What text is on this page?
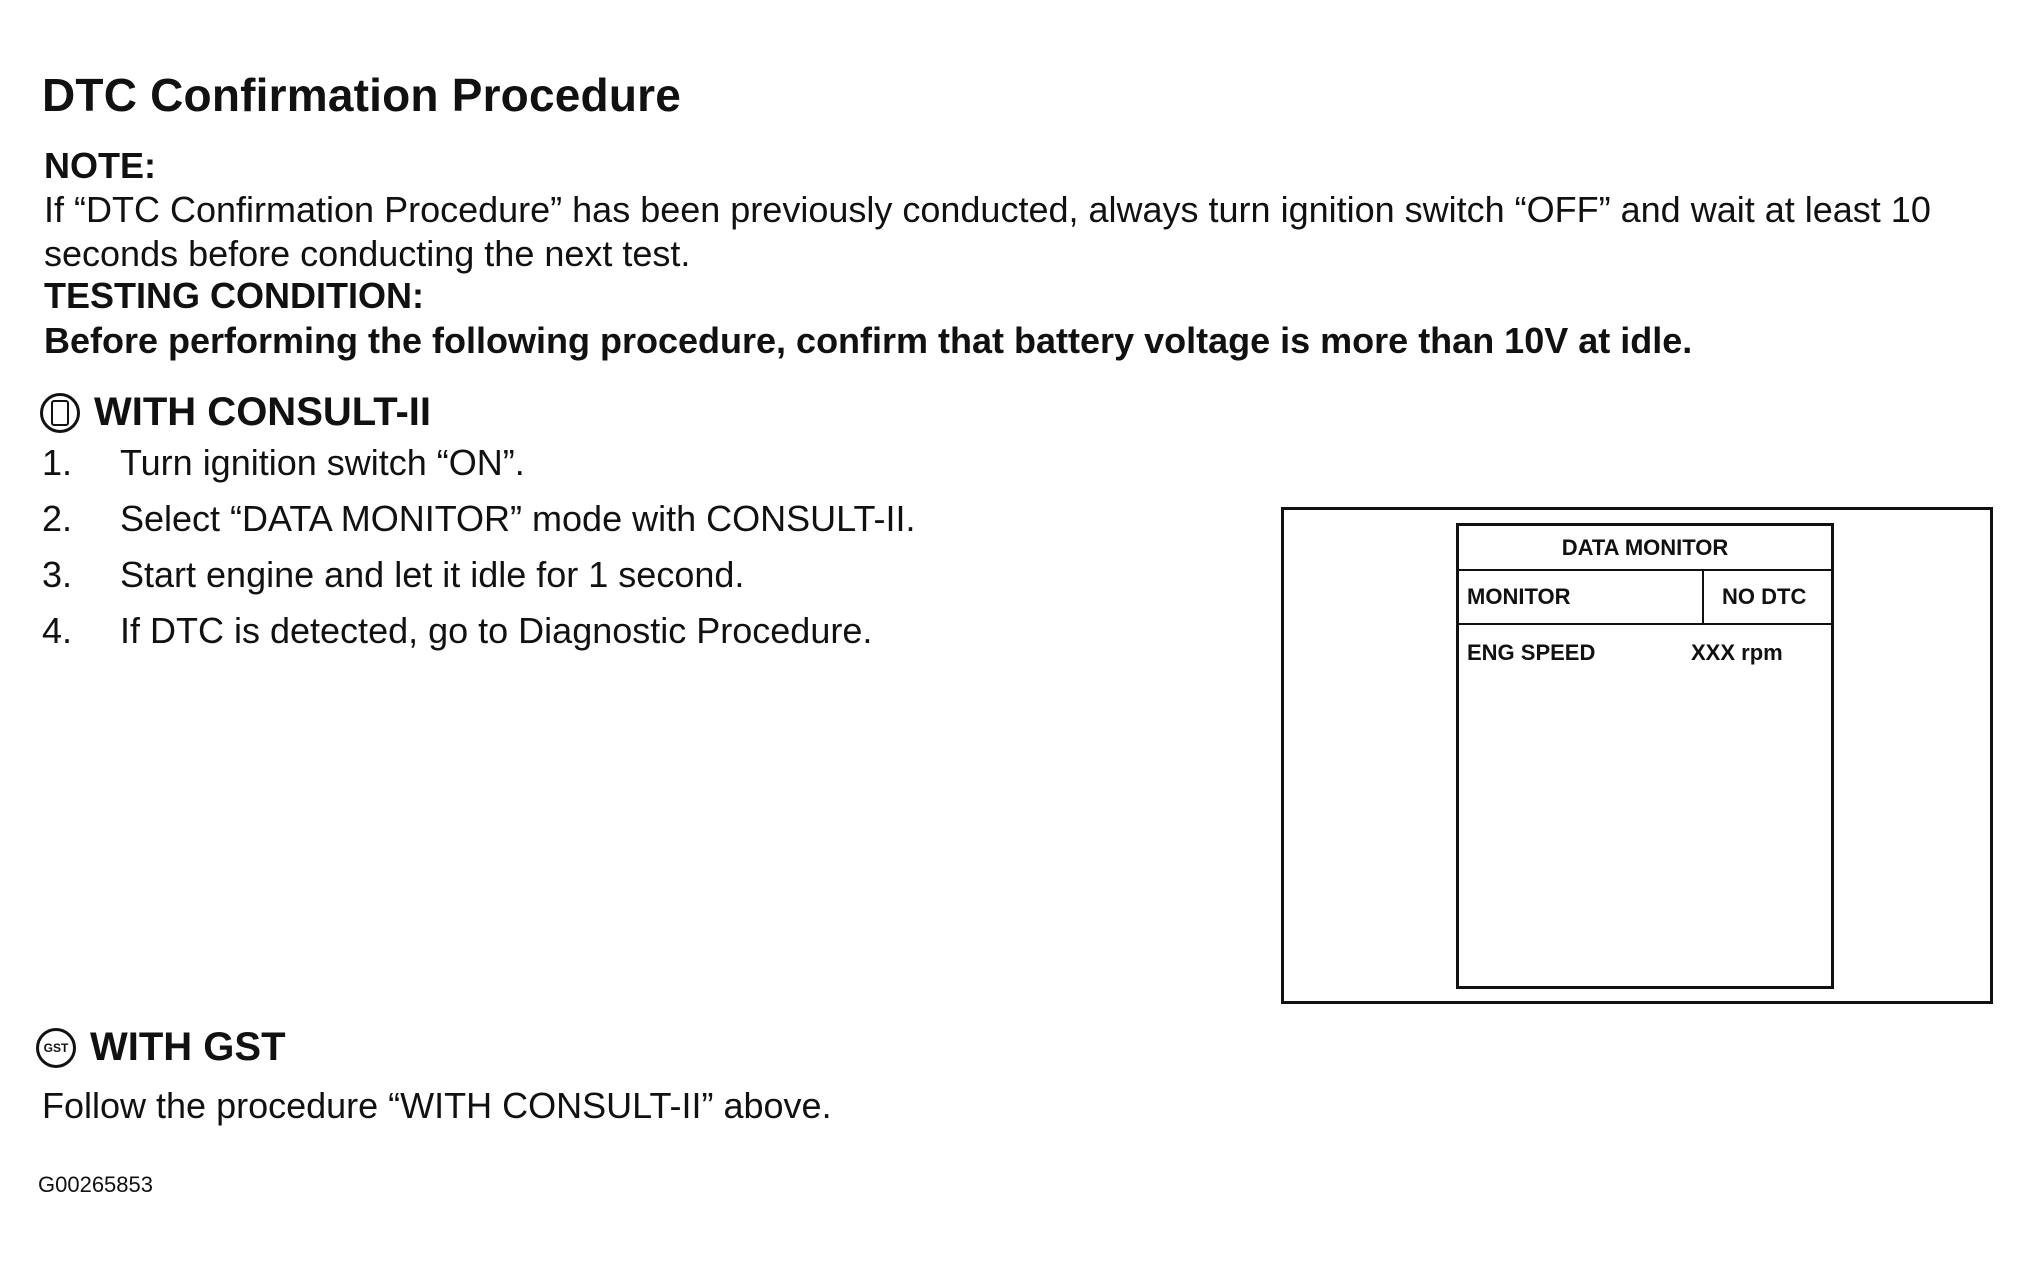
DTC Confirmation Procedure
NOTE:
If “DTC Confirmation Procedure” has been previously conducted, always turn ignition switch “OFF” and wait at least 10 seconds before conducting the next test.
TESTING CONDITION:
Before performing the following procedure, confirm that battery voltage is more than 10V at idle.
WITH CONSULT-II
1.	Turn ignition switch “ON”.
2.	Select “DATA MONITOR” mode with CONSULT-II.
3.	Start engine and let it idle for 1 second.
4.	If DTC is detected, go to Diagnostic Procedure.
DATA MONITOR
MONITOR	NO DTC
ENG SPEED	XXX rpm
GST WITH GST
Follow the procedure “WITH CONSULT-II” above.
G00265853
